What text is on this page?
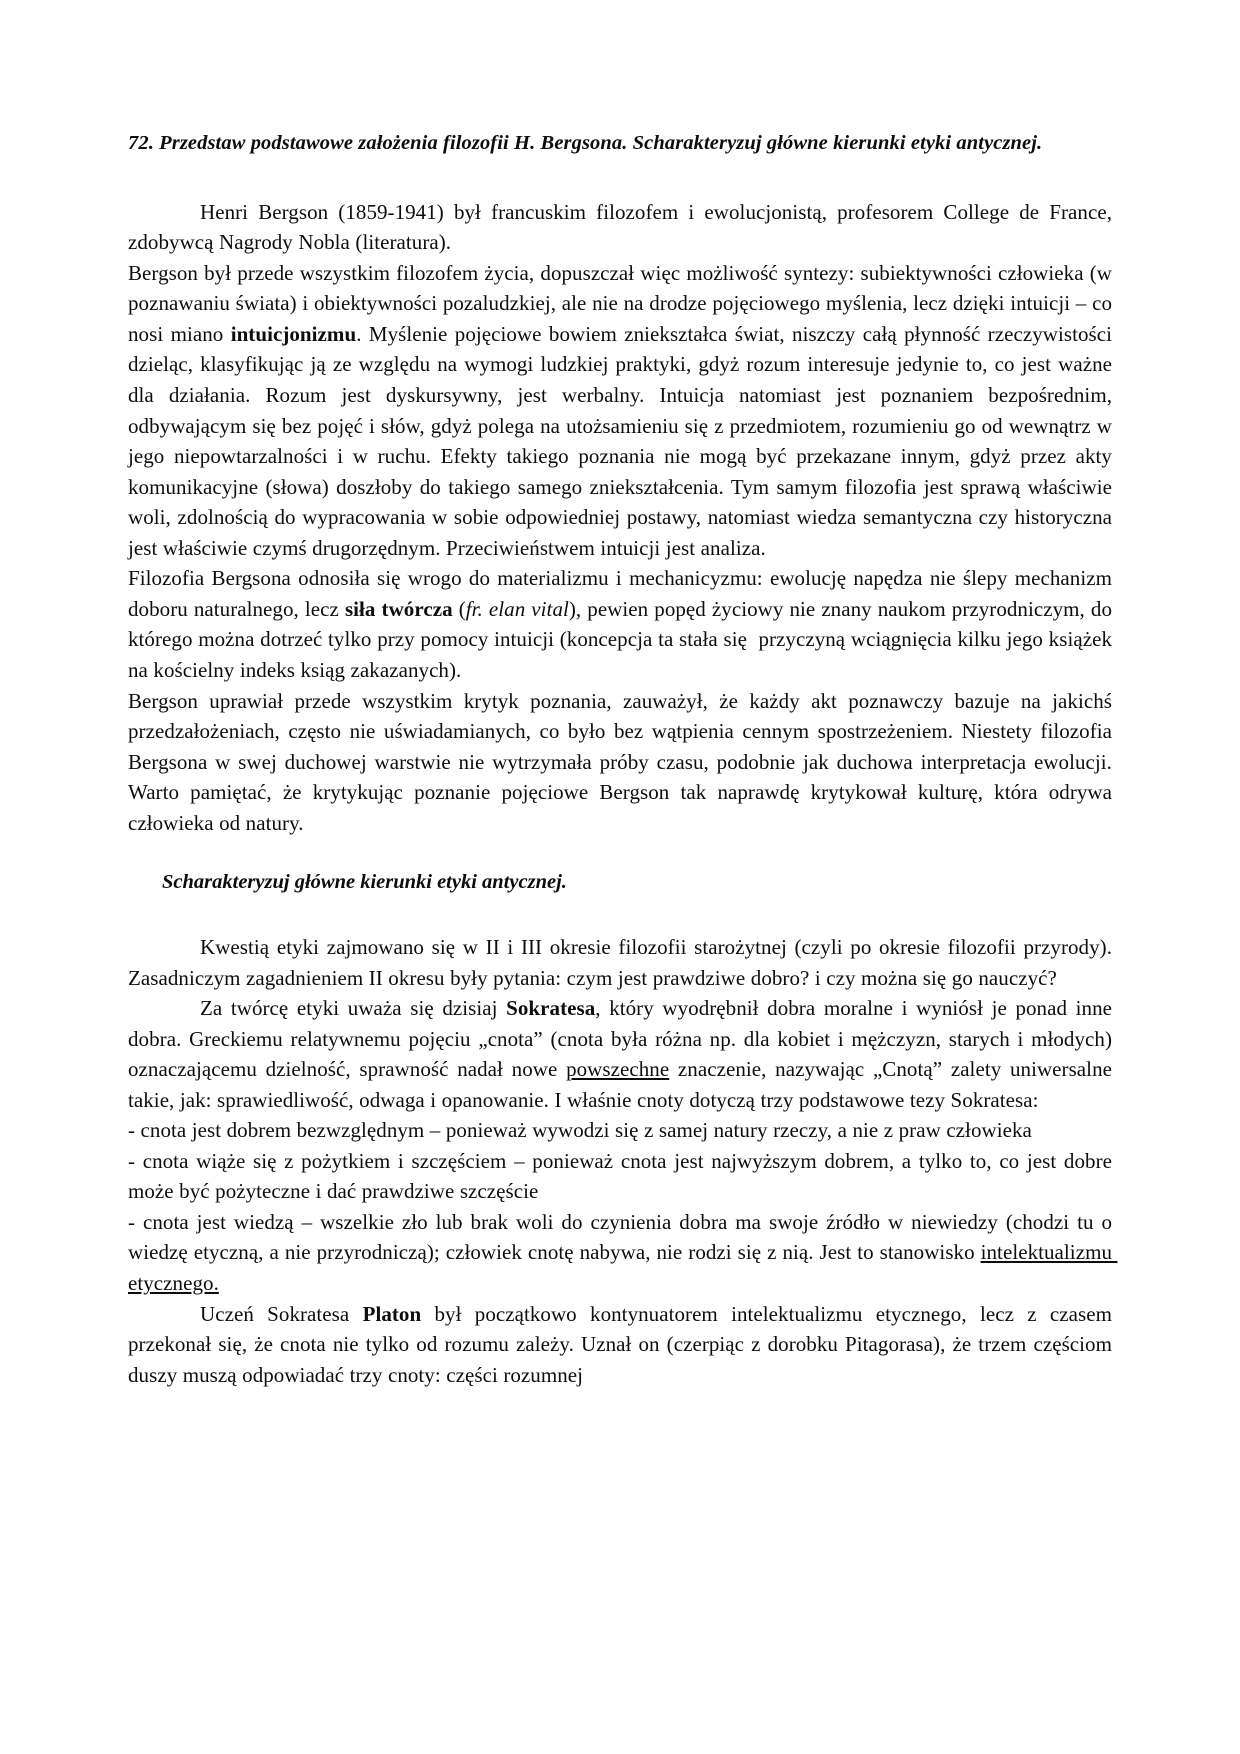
72. Przedstaw podstawowe założenia filozofii H. Bergsona. Scharakteryzuj główne kierunki etyki antycznej.

Henri Bergson (1859-1941) był francuskim filozofem i ewolucjonistą, profesorem College de France, zdobywcą Nagrody Nobla (literatura).

Bergson był przede wszystkim filozofem życia, dopuszczał więc możliwość syntezy: subiektywności człowieka (w poznawaniu świata) i obiektywności pozaludzkiej, ale nie na drodze pojęciowego myślenia, lecz dzięki intuicji – co nosi miano intuicjonizmu. Myślenie pojęciowe bowiem zniekształca świat, niszczy całą płynność rzeczywistości dzieląc, klasyfikując ją ze względu na wymogi ludzkiej praktyki, gdyż rozum interesuje jedynie to, co jest ważne dla działania. Rozum jest dyskursywny, jest werbalny. Intuicja natomiast jest poznaniem bezpośrednim, odbywającym się bez pojęć i słów, gdyż polega na utożsamieniu się z przedmiotem, rozumieniu go od wewnątrz w jego niepowtarzalności i w ruchu. Efekty takiego poznania nie mogą być przekazane innym, gdyż przez akty komunikacyjne (słowa) doszłoby do takiego samego zniekształcenia. Tym samym filozofia jest sprawą właściwie woli, zdolnością do wypracowania w sobie odpowiedniej postawy, natomiast wiedza semantyczna czy historyczna jest właściwie czymś drugorzędnym. Przeciwieństwem intuicji jest analiza.

Filozofia Bergsona odnosiła się wrogo do materializmu i mechanicyzmu: ewolucję napędza nie ślepy mechanizm doboru naturalnego, lecz siła twórcza (fr. elan vital), pewien popęd życiowy nie znany naukom przyrodniczym, do którego można dotrzeć tylko przy pomocy intuicji (koncepcja ta stała się  przyczyną wciągnięcia kilku jego książek na kościelny indeks ksiąg zakazanych).

Bergson uprawiał przede wszystkim krytyk poznania, zauważył, że każdy akt poznawczy bazuje na jakichś przedzałożeniach, często nie uświadamianych, co było bez wątpienia cennym spostrzeżeniem. Niestety filozofia Bergsona w swej duchowej warstwie nie wytrzymała próby czasu, podobnie jak duchowa interpretacja ewolucji. Warto pamiętać, że krytykując poznanie pojęciowe Bergson tak naprawdę krytykował kulturę, która odrywa człowieka od natury.

Scharakteryzuj główne kierunki etyki antycznej.

Kwestią etyki zajmowano się w II i III okresie filozofii starożytnej (czyli po okresie filozofii przyrody). Zasadniczym zagadnieniem II okresu były pytania: czym jest prawdziwe dobro? i czy można się go nauczyć?

Za twórcę etyki uważa się dzisiaj Sokratesa, który wyodrębnił dobra moralne i wyniósł je ponad inne dobra. Greckiemu relatywnemu pojęciu „cnota” (cnota była różna np. dla kobiet i mężczyzn, starych i młodych) oznaczającemu dzielność, sprawność nadał nowe powszechne znaczenie, nazywając „Cnotą” zalety uniwersalne takie, jak: sprawiedliwość, odwaga i opanowanie. I właśnie cnoty dotyczą trzy podstawowe tezy Sokratesa:

- cnota jest dobrem bezwzględnym – ponieważ wywodzi się z samej natury rzeczy, a nie z praw człowieka

- cnota wiąże się z pożytkiem i szczęściem – ponieważ cnota jest najwyższym dobrem, a tylko to, co jest dobre może być pożyteczne i dać prawdziwe szczęście

- cnota jest wiedzą – wszelkie zło lub brak woli do czynienia dobra ma swoje źródło w niewiedzy (chodzi tu o wiedzę etyczną, a nie przyrodniczą); człowiek cnotę nabywa, nie rodzi się z nią. Jest to stanowisko intelektualizmu etycznego.

Uczeń Sokratesa Platon był początkowo kontynuatorem intelektualizmu etycznego, lecz z czasem przekonał się, że cnota nie tylko od rozumu zależy. Uznał on (czerpiąc z dorobku Pitagorasa), że trzem częściom duszy muszą odpowiadać trzy cnoty: części rozumnej
